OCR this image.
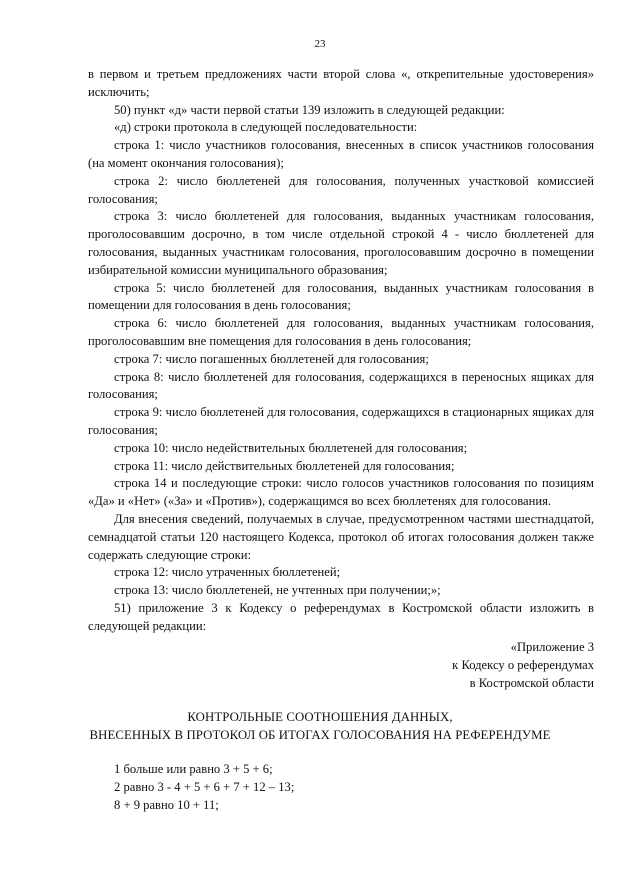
23

в первом и третьем предложениях части второй слова «, открепительные удостоверения» исключить;

50) пункт «д» части первой статьи 139 изложить в следующей редакции:

«д) строки протокола в следующей последовательности:

строка 1: число участников голосования, внесенных в список участников голосования (на момент окончания голосования);

строка 2: число бюллетеней для голосования, полученных участковой комиссией голосования;

строка 3: число бюллетеней для голосования, выданных участникам голосования, проголосовавшим досрочно, в том числе отдельной строкой 4 - число бюллетеней для голосования, выданных участникам голосования, проголосовавшим досрочно в помещении избирательной комиссии муниципального образования;

строка 5: число бюллетеней для голосования, выданных участникам голосования в помещении для голосования в день голосования;

строка 6: число бюллетеней для голосования, выданных участникам голосования, проголосовавшим вне помещения для голосования в день голосования;

строка 7: число погашенных бюллетеней для голосования;

строка 8: число бюллетеней для голосования, содержащихся в переносных ящиках для голосования;

строка 9: число бюллетеней для голосования, содержащихся в стационарных ящиках для голосования;

строка 10: число недействительных бюллетеней для голосования;

строка 11: число действительных бюллетеней для голосования;

строка 14 и последующие строки: число голосов участников голосования по позициям «Да» и «Нет» («За» и «Против»), содержащимся во всех бюллетенях для голосования.

Для внесения сведений, получаемых в случае, предусмотренном частями шестнадцатой, семнадцатой статьи 120 настоящего Кодекса, протокол об итогах голосования должен также содержать следующие строки:

строка 12: число утраченных бюллетеней;

строка 13: число бюллетеней, не учтенных при получении;»;

51) приложение 3 к Кодексу о референдумах в Костромской области изложить в следующей редакции:

«Приложение 3
к Кодексу о референдумах
в Костромской области
КОНТРОЛЬНЫЕ СООТНОШЕНИЯ ДАННЫХ,
ВНЕСЕННЫХ В ПРОТОКОЛ ОБ ИТОГАХ ГОЛОСОВАНИЯ НА РЕФЕРЕНДУМЕ
1 больше или равно 3 + 5 + 6;
2 равно 3 - 4 + 5 + 6 + 7 + 12 – 13;
8 + 9 равно 10 + 11;
